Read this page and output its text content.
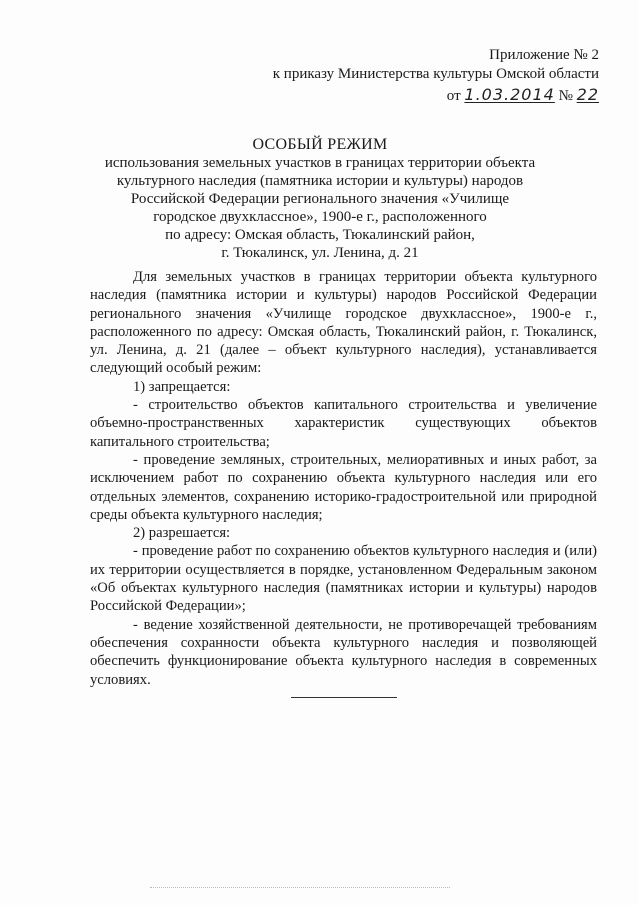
Приложение № 2
к приказу Министерства культуры Омской области
от 1.03.2014 № 22
ОСОБЫЙ РЕЖИМ
использования земельных участков в границах территории объекта
культурного наследия (памятника истории и культуры) народов
Российской Федерации регионального значения «Училище
городское двухклассное», 1900-е г., расположенного
по адресу: Омская область, Тюкалинский район,
г. Тюкалинск, ул. Ленина, д. 21

Для земельных участков в границах территории объекта культурного наследия (памятника истории и культуры) народов Российской Федерации регионального значения «Училище городское двухклассное», 1900-е г., расположенного по адресу: Омская область, Тюкалинский район, г. Тюкалинск, ул. Ленина, д. 21 (далее – объект культурного наследия), устанавливается следующий особый режим:

1) запрещается:

- строительство объектов капитального строительства и увеличение объемно-пространственных характеристик существующих объектов капитального строительства;

- проведение земляных, строительных, мелиоративных и иных работ, за исключением работ по сохранению объекта культурного наследия или его отдельных элементов, сохранению историко-градостроительной или природной среды объекта культурного наследия;

2) разрешается:

- проведение работ по сохранению объектов культурного наследия и (или) их территории осуществляется в порядке, установленном Федеральным законом «Об объектах культурного наследия (памятниках истории и культуры) народов Российской Федерации»;

- ведение хозяйственной деятельности, не противоречащей требованиям обеспечения сохранности объекта культурного наследия и позволяющей обеспечить функционирование объекта культурного наследия в современных условиях.
